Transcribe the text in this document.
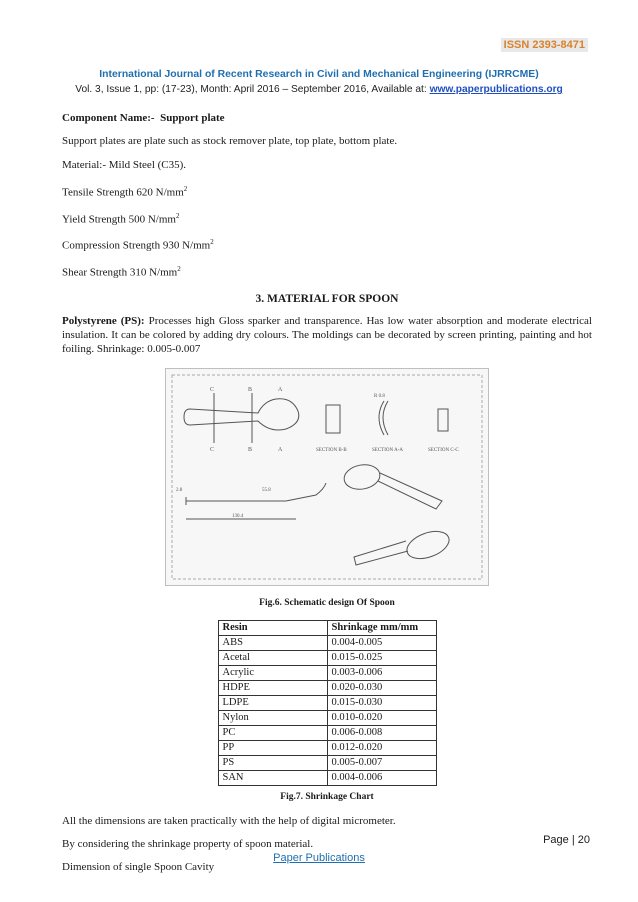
ISSN 2393-8471
International Journal of Recent Research in Civil and Mechanical Engineering (IJRRCME)
Vol. 3, Issue 1, pp: (17-23), Month: April 2016 – September 2016, Available at: www.paperpublications.org

Component Name:- Support plate

Support plates are plate such as stock remover plate, top plate, bottom plate.

Material:- Mild Steel (C35).

Tensile Strength 620 $N/mm^2$

Yield Strength 500 $N/mm^2$

Compression Strength 930 $N/mm^2$

Shear Strength 310 $N/mm^2$

3. MATERIAL FOR SPOON

Polystyrene (PS): Processes high Gloss sparker and transparence. Has low water absorption and moderate electrical insulation. It can be colored by adding dry colours. The moldings can be decorated by screen printing, painting and hot foiling. Shrinkage: 0.005-0.007

C	B
C	B
A
A
R 0.8
SECTION B-B	SECTION A-A	SECTION C-C
55.8
130.4
2.8

Fig.6. Schematic design Of Spoon

Resin	Shrinkage mm/mm
ABS	0.004-0.005
Acetal	0.015-0.025
Acrylic	0.003-0.006
HDPE	0.020-0.030
LDPE	0.015-0.030
Nylon	0.010-0.020
PC	0.006-0.008
PP	0.012-0.020
PS	0.005-0.007
SAN	0.004-0.006

Fig.7. Shrinkage Chart

All the dimensions are taken practically with the help of digital micrometer.

By considering the shrinkage property of spoon material.

Dimension of single Spoon Cavity

Page | 20
Paper Publications
